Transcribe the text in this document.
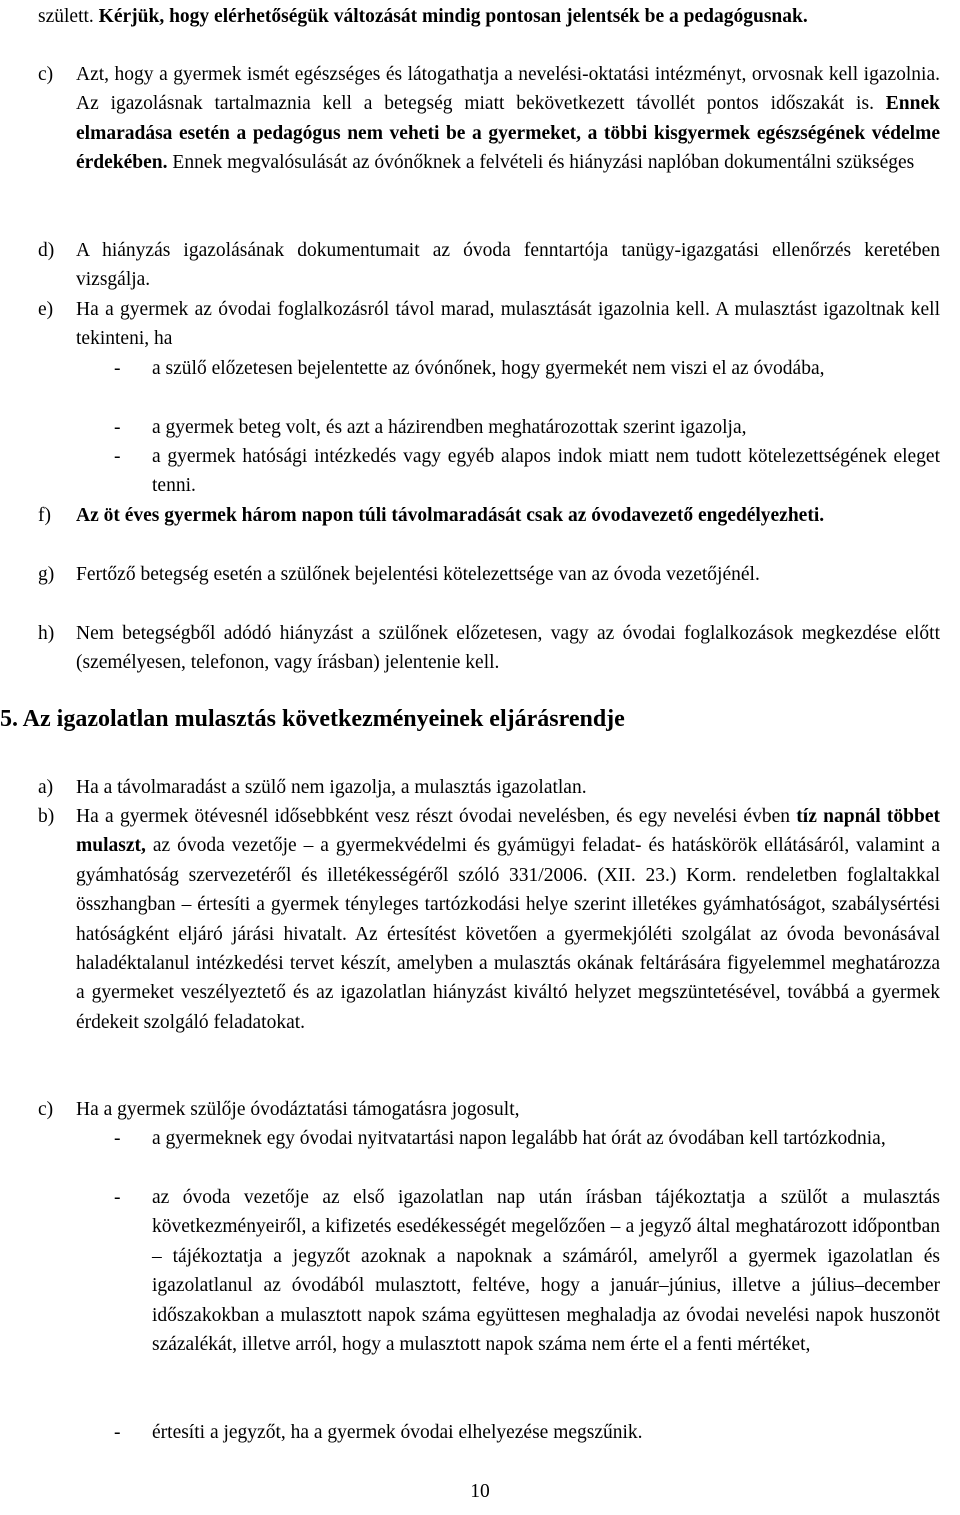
születt. Kérjük, hogy elérhetőségük változását mindig pontosan jelentsék be a pedagógusnak.
c) Azt, hogy a gyermek ismét egészséges és látogathatja a nevelési-oktatási intézményt, orvosnak kell igazolnia. Az igazolásnak tartalmaznia kell a betegség miatt bekövetkezett távollét pontos időszakát is. Ennek elmaradása esetén a pedagógus nem veheti be a gyermeket, a többi kisgyermek egészségének védelme érdekében. Ennek megvalósulását az óvónőknek a felvételi és hiányzási naplóban dokumentálni szükséges
d) A hiányzás igazolásának dokumentumait az óvoda fenntartója tanügy-igazgatási ellenőrzés keretében vizsgálja.
e) Ha a gyermek az óvodai foglalkozásról távol marad, mulasztását igazolnia kell. A mulasztást igazoltnak kell tekinteni, ha
- a szülő előzetesen bejelentette az óvónőnek, hogy gyermekét nem viszi el az óvodába,
- a gyermek beteg volt, és azt a házirendben meghatározottak szerint igazolja,
- a gyermek hatósági intézkedés vagy egyéb alapos indok miatt nem tudott kötelezettségének eleget tenni.
f) Az öt éves gyermek három napon túli távolmaradását csak az óvodavezető engedélyezheti.
g) Fertőző betegség esetén a szülőnek bejelentési kötelezettsége van az óvoda vezetőjénél.
h) Nem betegségből adódó hiányzást a szülőnek előzetesen, vagy az óvodai foglalkozások megkezdése előtt (személyesen, telefonon, vagy írásban) jelentenie kell.
5. Az igazolatlan mulasztás következményeinek eljárásrendje
a) Ha a távolmaradást a szülő nem igazolja, a mulasztás igazolatlan.
b) Ha a gyermek ötévesnél idősebbként vesz részt óvodai nevelésben, és egy nevelési évben tíz napnál többet mulaszt, az óvoda vezetője – a gyermekvédelmi és gyámügyi feladat- és hatáskörök ellátásáról, valamint a gyámhatóság szervezetéről és illetékességéről szóló 331/2006. (XII. 23.) Korm. rendeletben foglaltakkal összhangban – értesíti a gyermek tényleges tartózkodási helye szerint illetékes gyámhatóságot, szabálysértési hatóságként eljáró járási hivatalt. Az értesítést követően a gyermekjóléti szolgálat az óvoda bevonásával haladéktalanul intézkedési tervet készít, amelyben a mulasztás okának feltárására figyelemmel meghatározza a gyermeket veszélyeztető és az igazolatlan hiányzást kiváltó helyzet megszüntetésével, továbbá a gyermek érdekeit szolgáló feladatokat.
c) Ha a gyermek szülője óvodáztatási támogatásra jogosult,
- a gyermeknek egy óvodai nyitvatartási napon legalább hat órát az óvodában kell tartózkodnia,
- az óvoda vezetője az első igazolatlan nap után írásban tájékoztatja a szülőt a mulasztás következményeiről, a kifizetés esedékességét megelőzően – a jegyző által meghatározott időpontban – tájékoztatja a jegyzőt azoknak a napoknak a számáról, amelyről a gyermek igazolatlan és igazolatlanul az óvodából mulasztott, feltéve, hogy a január–június, illetve a július–december időszakokban a mulasztott napok száma együttesen meghaladja az óvodai nevelési napok huszonöt százalékát, illetve arról, hogy a mulasztott napok száma nem érte el a fenti mértéket,
- értesíti a jegyzőt, ha a gyermek óvodai elhelyezése megszűnik.
10
